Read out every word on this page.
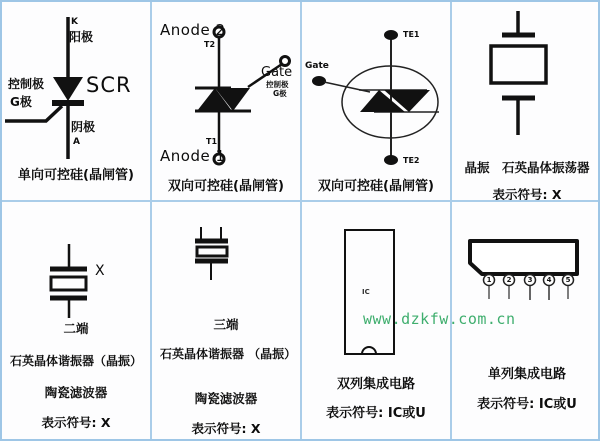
K
阳极
控制极
G极
SCR
阴极
A
单向可控硅(晶闸管)
Anode 2
T2
Gate
控制极
G极
T1
Anode 1
双向可控硅(晶闸管)
TE1
Gate
TE2
双向可控硅(晶闸管)
晶振　石英晶体振荡器
表示符号: X
X
二端
石英晶体谐振器（晶振）
陶瓷滤波器
表示符号: X
三端
石英晶体谐振器 （晶振）
陶瓷滤波器
表示符号: X
IC
双列集成电路
表示符号: IC或U
1	2	3	4	5
单列集成电路
表示符号: IC或U
www.dzkfw.com.cn
